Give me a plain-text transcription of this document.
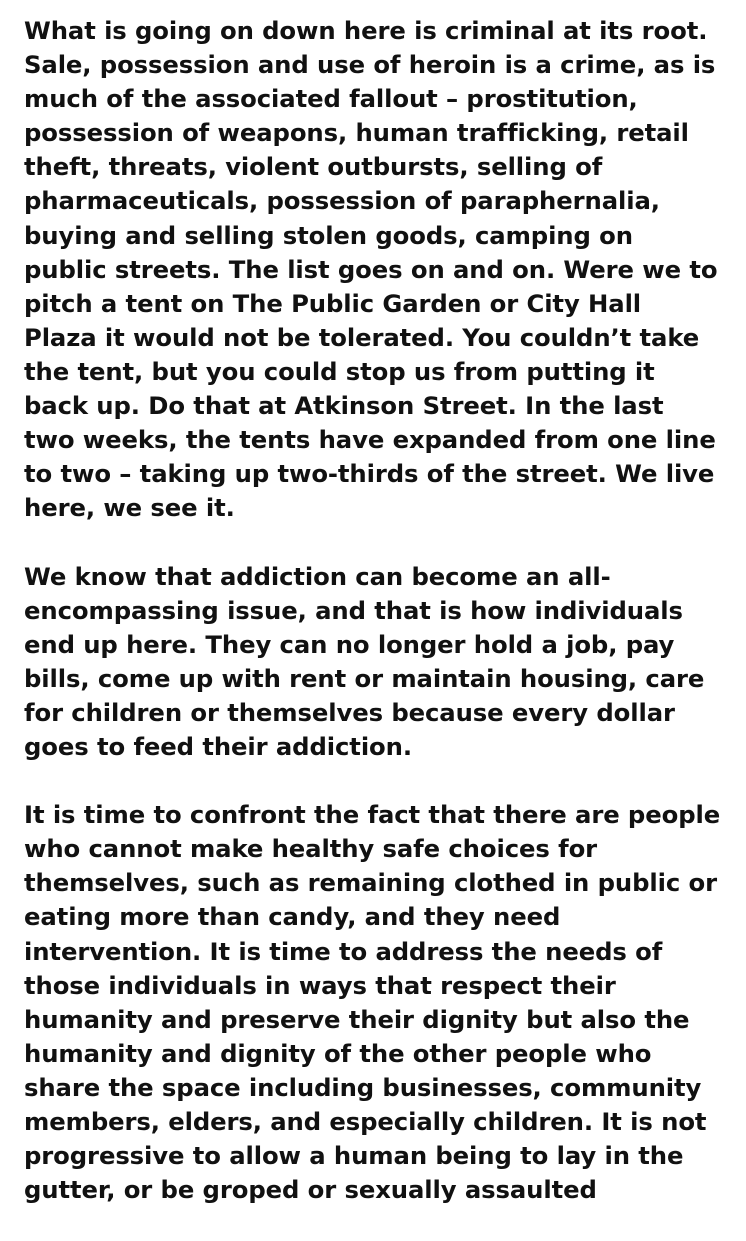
What is going on down here is criminal at its root.
Sale, possession and use of heroin is a crime, as is
much of the associated fallout – prostitution,
possession of weapons, human trafficking, retail
theft, threats, violent outbursts, selling of
pharmaceuticals, possession of paraphernalia,
buying and selling stolen goods, camping on
public streets. The list goes on and on. Were we to
pitch a tent on The Public Garden or City Hall
Plaza it would not be tolerated. You couldn’t take
the tent, but you could stop us from putting it
back up. Do that at Atkinson Street. In the last
two weeks, the tents have expanded from one line
to two – taking up two-thirds of the street. We live
here, we see it.
We know that addiction can become an all-
encompassing issue, and that is how individuals
end up here. They can no longer hold a job, pay
bills, come up with rent or maintain housing, care
for children or themselves because every dollar
goes to feed their addiction.
It is time to confront the fact that there are people
who cannot make healthy safe choices for
themselves, such as remaining clothed in public or
eating more than candy, and they need
intervention. It is time to address the needs of
those individuals in ways that respect their
humanity and preserve their dignity but also the
humanity and dignity of the other people who
share the space including businesses, community
members, elders, and especially children. It is not
progressive to allow a human being to lay in the
gutter, or be groped or sexually assaulted
